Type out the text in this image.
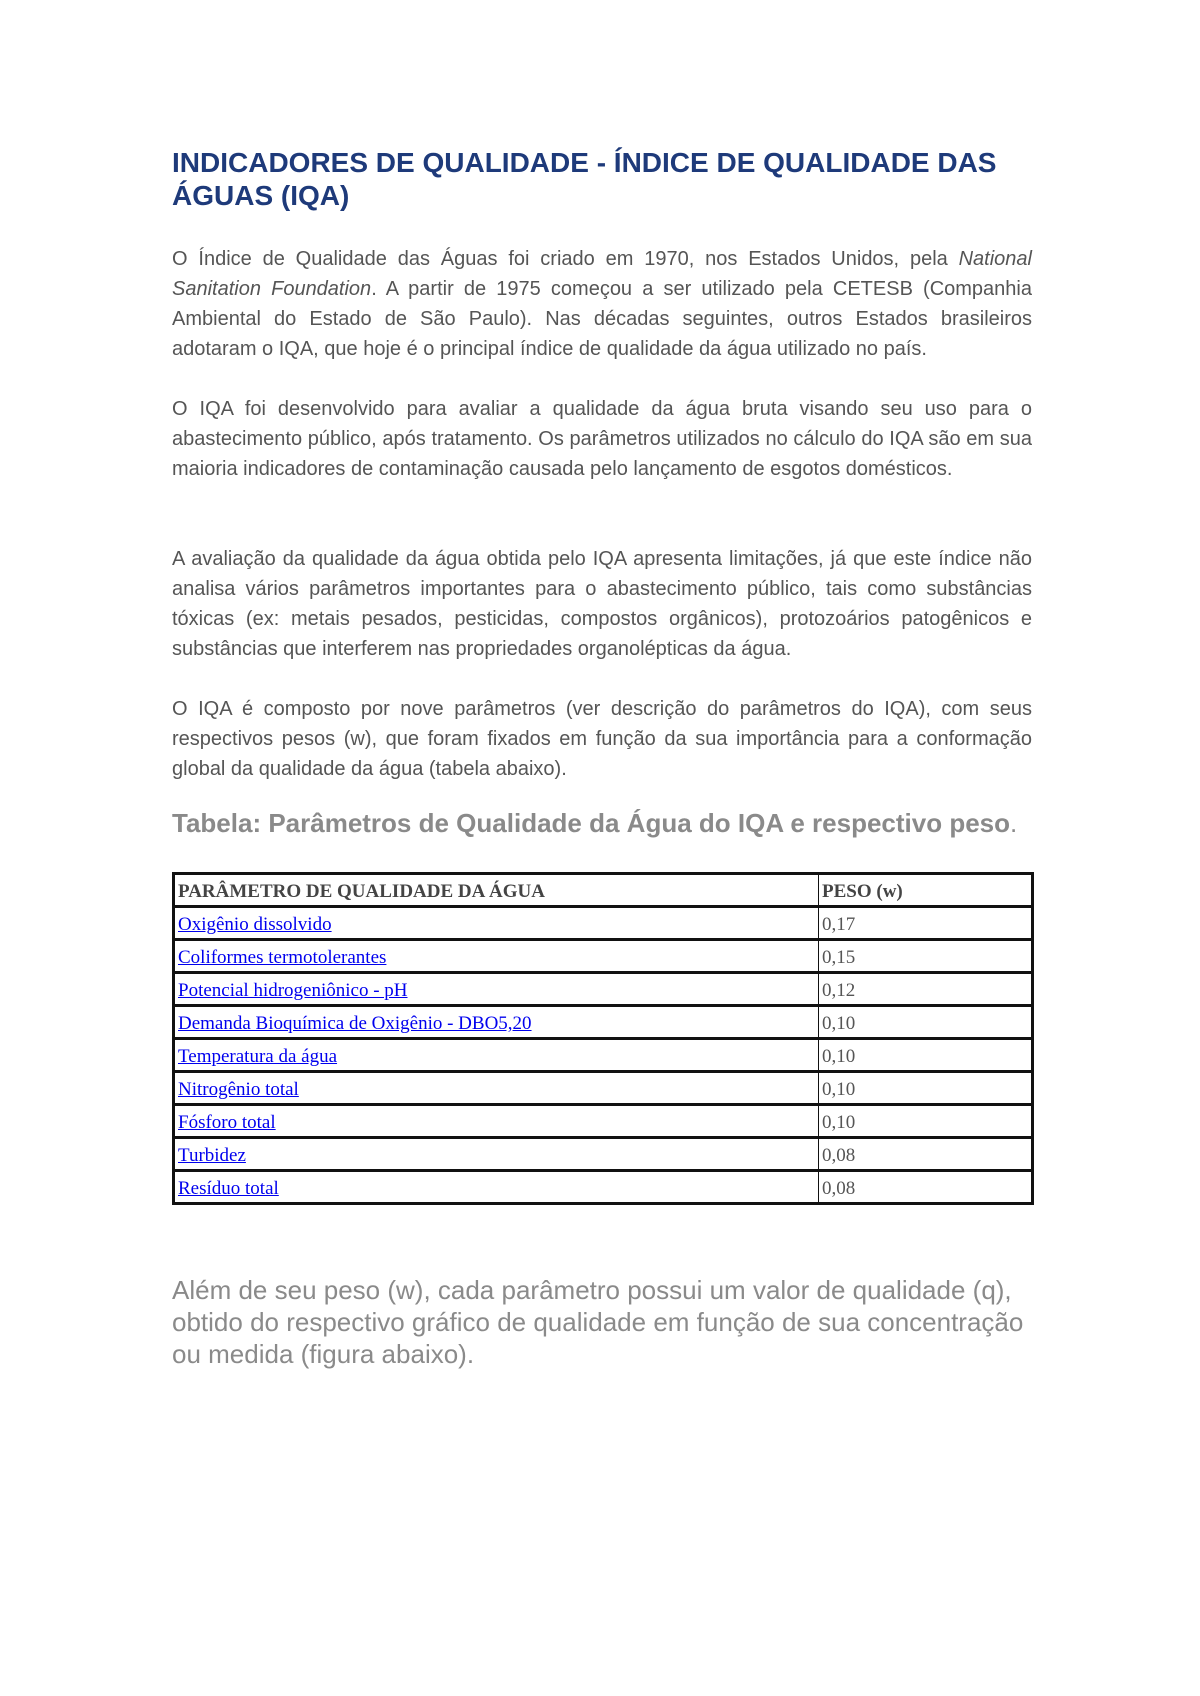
INDICADORES DE QUALIDADE - ÍNDICE DE QUALIDADE DAS ÁGUAS (IQA)

O Índice de Qualidade das Águas foi criado em 1970, nos Estados Unidos, pela National Sanitation Foundation. A partir de 1975 começou a ser utilizado pela CETESB (Companhia Ambiental do Estado de São Paulo). Nas décadas seguintes, outros Estados brasileiros adotaram o IQA, que hoje é o principal índice de qualidade da água utilizado no país.

O IQA foi desenvolvido para avaliar a qualidade da água bruta visando seu uso para o abastecimento público, após tratamento. Os parâmetros utilizados no cálculo do IQA são em sua maioria indicadores de contaminação causada pelo lançamento de esgotos domésticos.

A avaliação da qualidade da água obtida pelo IQA apresenta limitações, já que este índice não analisa vários parâmetros importantes para o abastecimento público, tais como substâncias tóxicas (ex: metais pesados, pesticidas, compostos orgânicos), protozoários patogênicos e substâncias que interferem nas propriedades organolépticas da água.

O IQA é composto por nove parâmetros (ver descrição do parâmetros do IQA), com seus respectivos pesos (w), que foram fixados em função da sua importância para a conformação global da qualidade da água (tabela abaixo).

Tabela: Parâmetros de Qualidade da Água do IQA e respectivo peso.
PARÂMETRO DE QUALIDADE DA ÁGUA	PESO (w)
Oxigênio dissolvido	0,17
Coliformes termotolerantes	0,15
Potencial hidrogeniônico - pH	0,12
Demanda Bioquímica de Oxigênio - DBO5,20	0,10
Temperatura da água	0,10
Nitrogênio total	0,10
Fósforo total	0,10
Turbidez	0,08
Resíduo total	0,08

Além de seu peso (w), cada parâmetro possui um valor de qualidade (q), obtido do respectivo gráfico de qualidade em função de sua concentração ou medida (figura abaixo).
